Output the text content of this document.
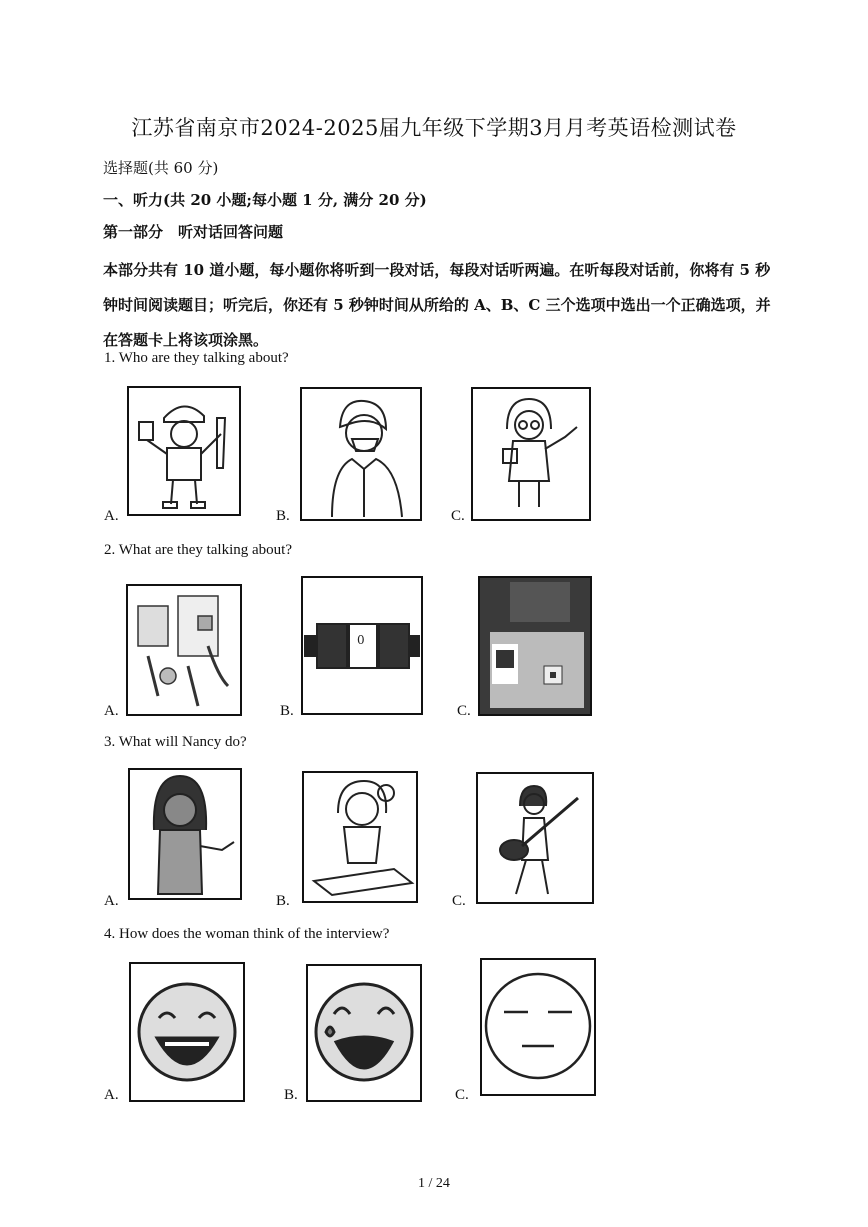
江苏省南京市2024-2025届九年级下学期3月月考英语检测试卷
选择题(共 60 分)
一、听力(共 20 小题;每小题 1 分, 满分 20 分)
第一部分　听对话回答问题
本部分共有 10 道小题，每小题你将听到一段对话，每段对话听两遍。在听每段对话前，你将有 5 秒钟时间阅读题目；听完后，你还有 5 秒钟时间从所给的 A、B、C 三个选项中选出一个正确选项，并在答题卡上将该项涂黑。
1. Who are they talking about?
A.	B.	C.
2. What are they talking about?
A.	B.	C.
0
3. What will Nancy do?
A.	B.	C.
4. How does the woman think of the interview?
A.	B.	C.
1 / 24
